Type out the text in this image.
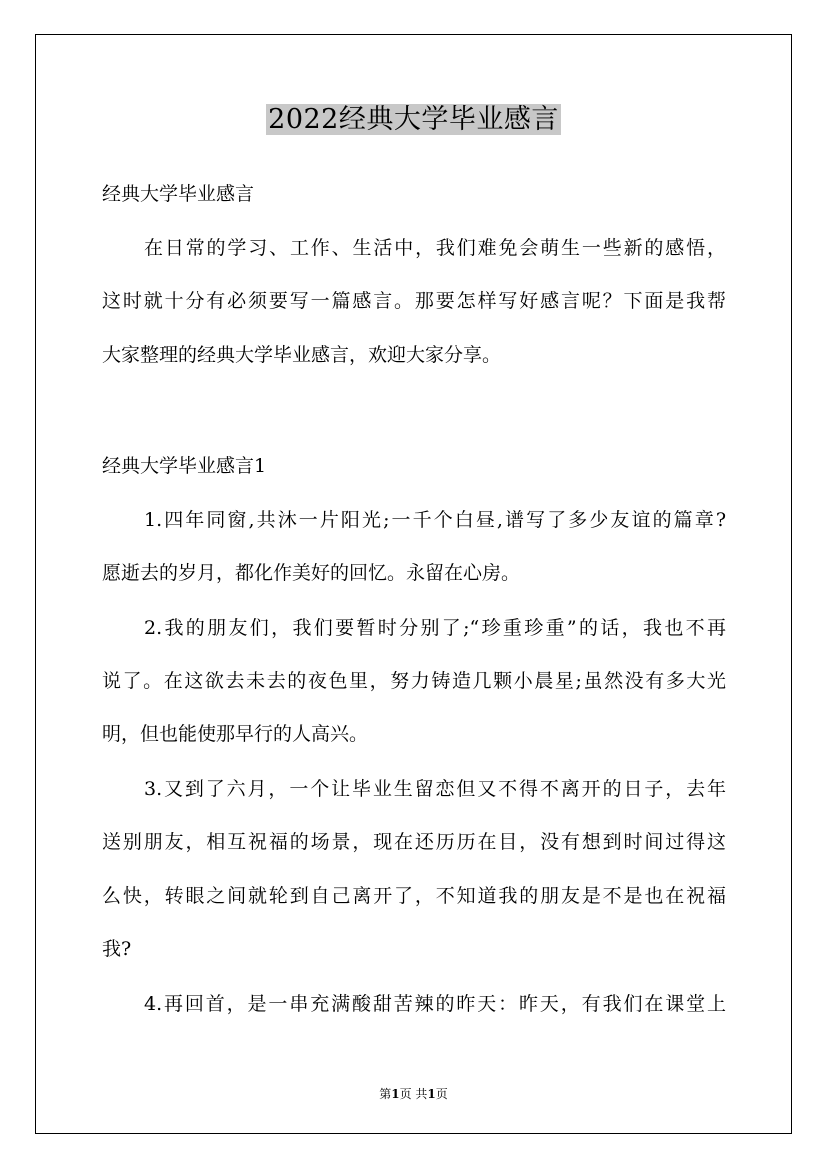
2022经典大学毕业感言
经典大学毕业感言
在日常的学习、工作、生活中，我们难免会萌生一些新的感悟，
这时就十分有必须要写一篇感言。那要怎样写好感言呢？下面是我帮
大家整理的经典大学毕业感言，欢迎大家分享。
经典大学毕业感言1
1.四年同窗,共沐一片阳光;一千个白昼,谱写了多少友谊的篇章?
愿逝去的岁月，都化作美好的回忆。永留在心房。
2.我的朋友们，我们要暂时分别了;“珍重珍重”的话，我也不再
说了。在这欲去未去的夜色里，努力铸造几颗小晨星;虽然没有多大光
明，但也能使那早行的人高兴。
3.又到了六月，一个让毕业生留恋但又不得不离开的日子，去年
送别朋友，相互祝福的场景，现在还历历在目，没有想到时间过得这
么快，转眼之间就轮到自己离开了，不知道我的朋友是不是也在祝福
我?
4.再回首，是一串充满酸甜苦辣的昨天：昨天，有我们在课堂上
第1页 共1页
